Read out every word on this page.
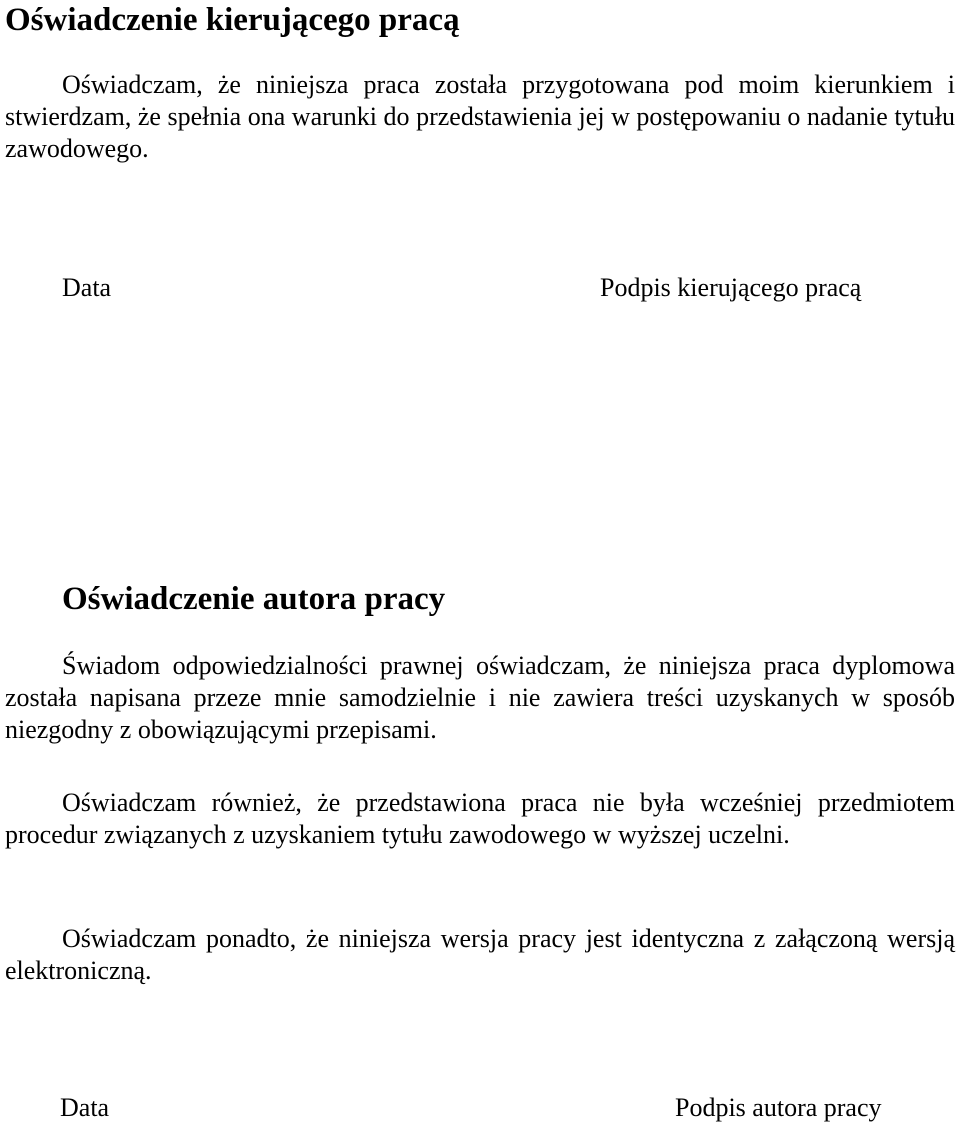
Oświadczenie kierującego pracą

Oświadczam, że niniejsza praca została przygotowana pod moim kierunkiem i stwierdzam, że spełnia ona warunki do przedstawienia jej w postępowaniu o nadanie tytułu zawodowego.

Data	Podpis kierującego pracą
Oświadczenie autora pracy

Świadom odpowiedzialności prawnej oświadczam, że niniejsza praca dyplomowa została napisana przeze mnie samodzielnie i nie zawiera treści uzyskanych w sposób niezgodny z obowiązującymi przepisami.

Oświadczam również, że przedstawiona praca nie była wcześniej przedmiotem procedur związanych z uzyskaniem tytułu zawodowego w wyższej uczelni.

Oświadczam ponadto, że niniejsza wersja pracy jest identyczna z załączoną wersją elektroniczną.

Data	Podpis autora pracy
